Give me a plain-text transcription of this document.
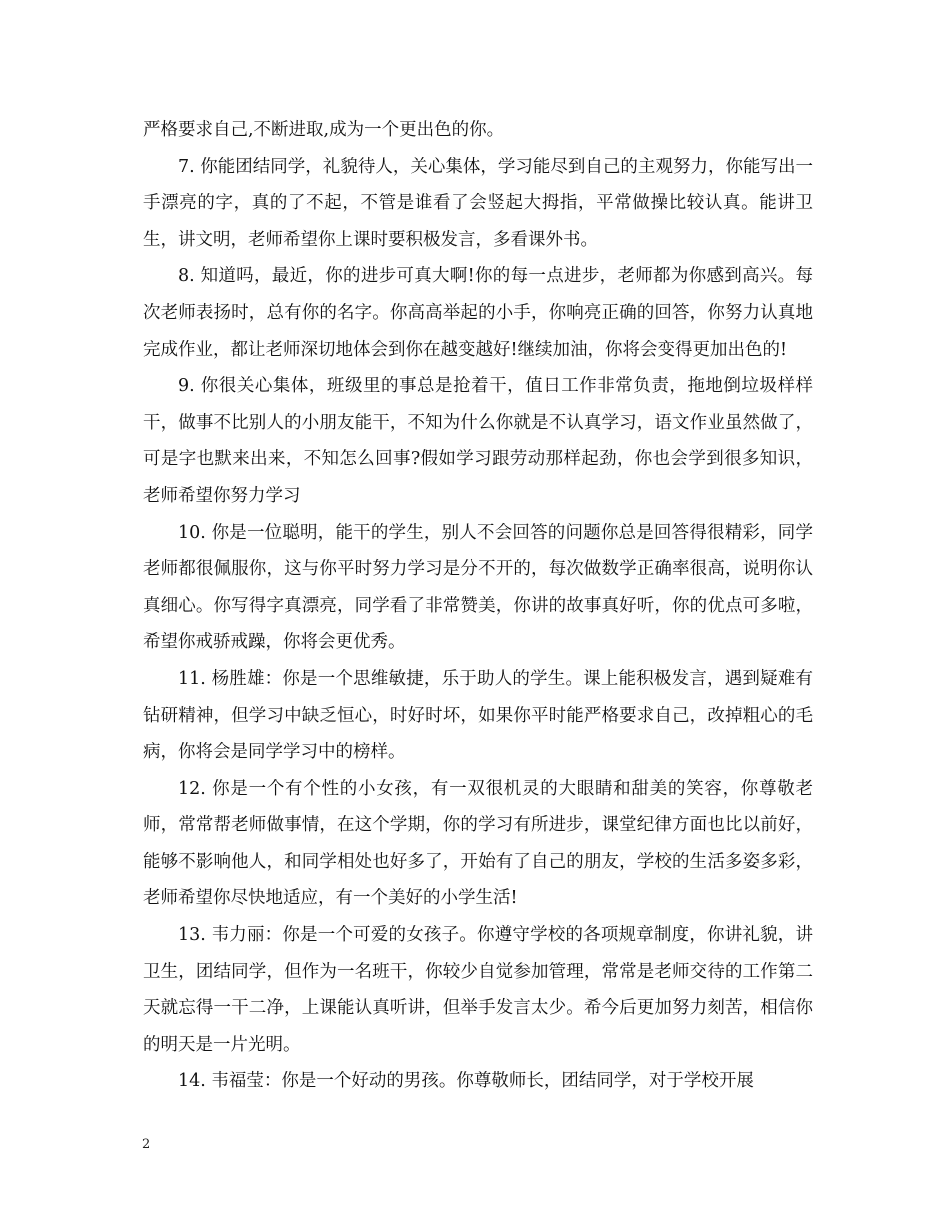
严格要求自己,不断进取,成为一个更出色的你。

7. 你能团结同学，礼貌待人，关心集体，学习能尽到自己的主观努力，你能写出一手漂亮的字，真的了不起，不管是谁看了会竖起大拇指，平常做操比较认真。能讲卫生，讲文明，老师希望你上课时要积极发言，多看课外书。

8. 知道吗，最近，你的进步可真大啊!你的每一点进步，老师都为你感到高兴。每次老师表扬时，总有你的名字。你高高举起的小手，你响亮正确的回答，你努力认真地完成作业，都让老师深切地体会到你在越变越好!继续加油，你将会变得更加出色的!

9. 你很关心集体，班级里的事总是抢着干，值日工作非常负责，拖地倒垃圾样样干，做事不比别人的小朋友能干，不知为什么你就是不认真学习，语文作业虽然做了，可是字也默来出来，不知怎么回事?假如学习跟劳动那样起劲，你也会学到很多知识，老师希望你努力学习

10. 你是一位聪明，能干的学生，别人不会回答的问题你总是回答得很精彩，同学老师都很佩服你，这与你平时努力学习是分不开的，每次做数学正确率很高，说明你认真细心。你写得字真漂亮，同学看了非常赞美，你讲的故事真好听，你的优点可多啦，希望你戒骄戒躁，你将会更优秀。

11. 杨胜雄：你是一个思维敏捷，乐于助人的学生。课上能积极发言，遇到疑难有钻研精神，但学习中缺乏恒心，时好时坏，如果你平时能严格要求自己，改掉粗心的毛病，你将会是同学学习中的榜样。

12. 你是一个有个性的小女孩，有一双很机灵的大眼睛和甜美的笑容，你尊敬老师，常常帮老师做事情，在这个学期，你的学习有所进步，课堂纪律方面也比以前好，能够不影响他人，和同学相处也好多了，开始有了自己的朋友，学校的生活多姿多彩，老师希望你尽快地适应，有一个美好的小学生活!

13. 韦力丽：你是一个可爱的女孩子。你遵守学校的各项规章制度，你讲礼貌，讲卫生，团结同学，但作为一名班干，你较少自觉参加管理，常常是老师交待的工作第二天就忘得一干二净，上课能认真听讲，但举手发言太少。希今后更加努力刻苦，相信你的明天是一片光明。

14. 韦福莹：你是一个好动的男孩。你尊敬师长，团结同学，对于学校开展

2
